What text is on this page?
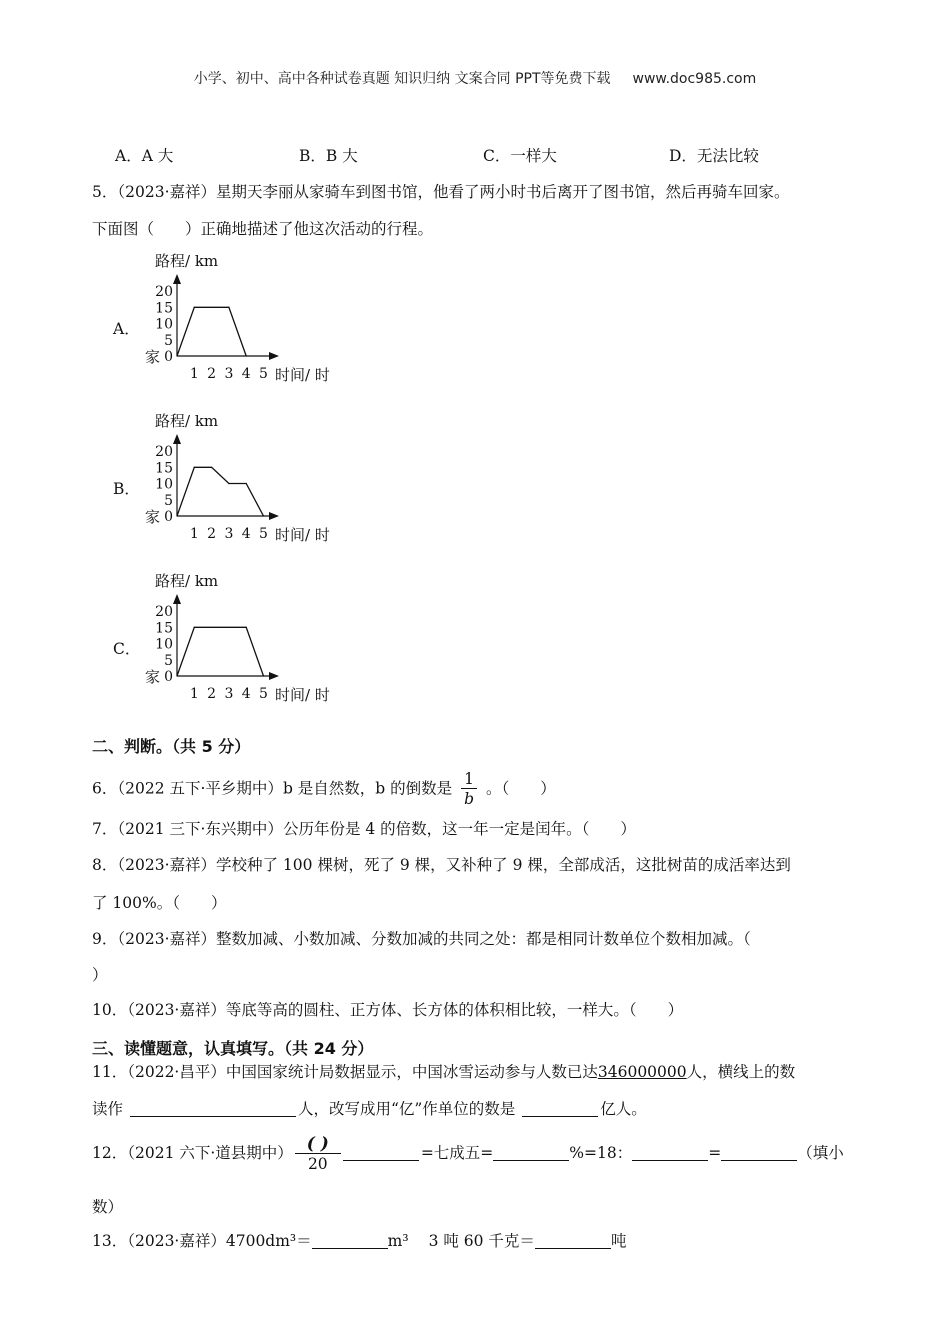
小学、初中、高中各种试卷真题 知识归纳 文案合同 PPT等免费下载 www.doc985.com
A．A 大	B．B 大	C．一样大	D．无法比较
5．（2023·嘉祥）星期天李丽从家骑车到图书馆，他看了两小时书后离开了图书馆，然后再骑车回家。
下面图（　　）正确地描述了他这次活动的行程。
A．
B．
C．
路程/ km
20
15
10
5
0
家
1 2 3 4 5 时间/ 时
路程/ km
20
15
10
5
0
家
1 2 3 4 5 时间/ 时
路程/ km
20
15
10
5
0
家
1 2 3 4 5 时间/ 时
二、判断。（共 5 分）
6．（2022 五下·平乡期中）b 是自然数，b 的倒数是 $\frac{1}{b}$ 。（　　）
7．（2021 三下·东兴期中）公历年份是 4 的倍数，这一年一定是闰年。（　　）
8．（2023·嘉祥）学校种了 100 棵树，死了 9 棵，又补种了 9 棵，全部成活，这批树苗的成活率达到
了 100%。（　　）
9．（2023·嘉祥）整数加减、小数加减、分数加减的共同之处：都是相同计数单位个数相加减。（
）
10．（2023·嘉祥）等底等高的圆柱、正方体、长方体的体积相比较，一样大。（　　）
三、读懂题意，认真填写。（共 24 分）
11．（2022·昌平）中国国家统计局数据显示，中国冰雪运动参与人数已达346000000人，横线上的数
读作	人，改写成用“亿”作单位的数是	亿人。
12．（2021 六下·道县期中） $\frac{( )}{20}$	=七成五=	%=18：	=	（填小
数）
13．（2023·嘉祥）4700dm³＝	m³ 3 吨 60 千克＝	吨
